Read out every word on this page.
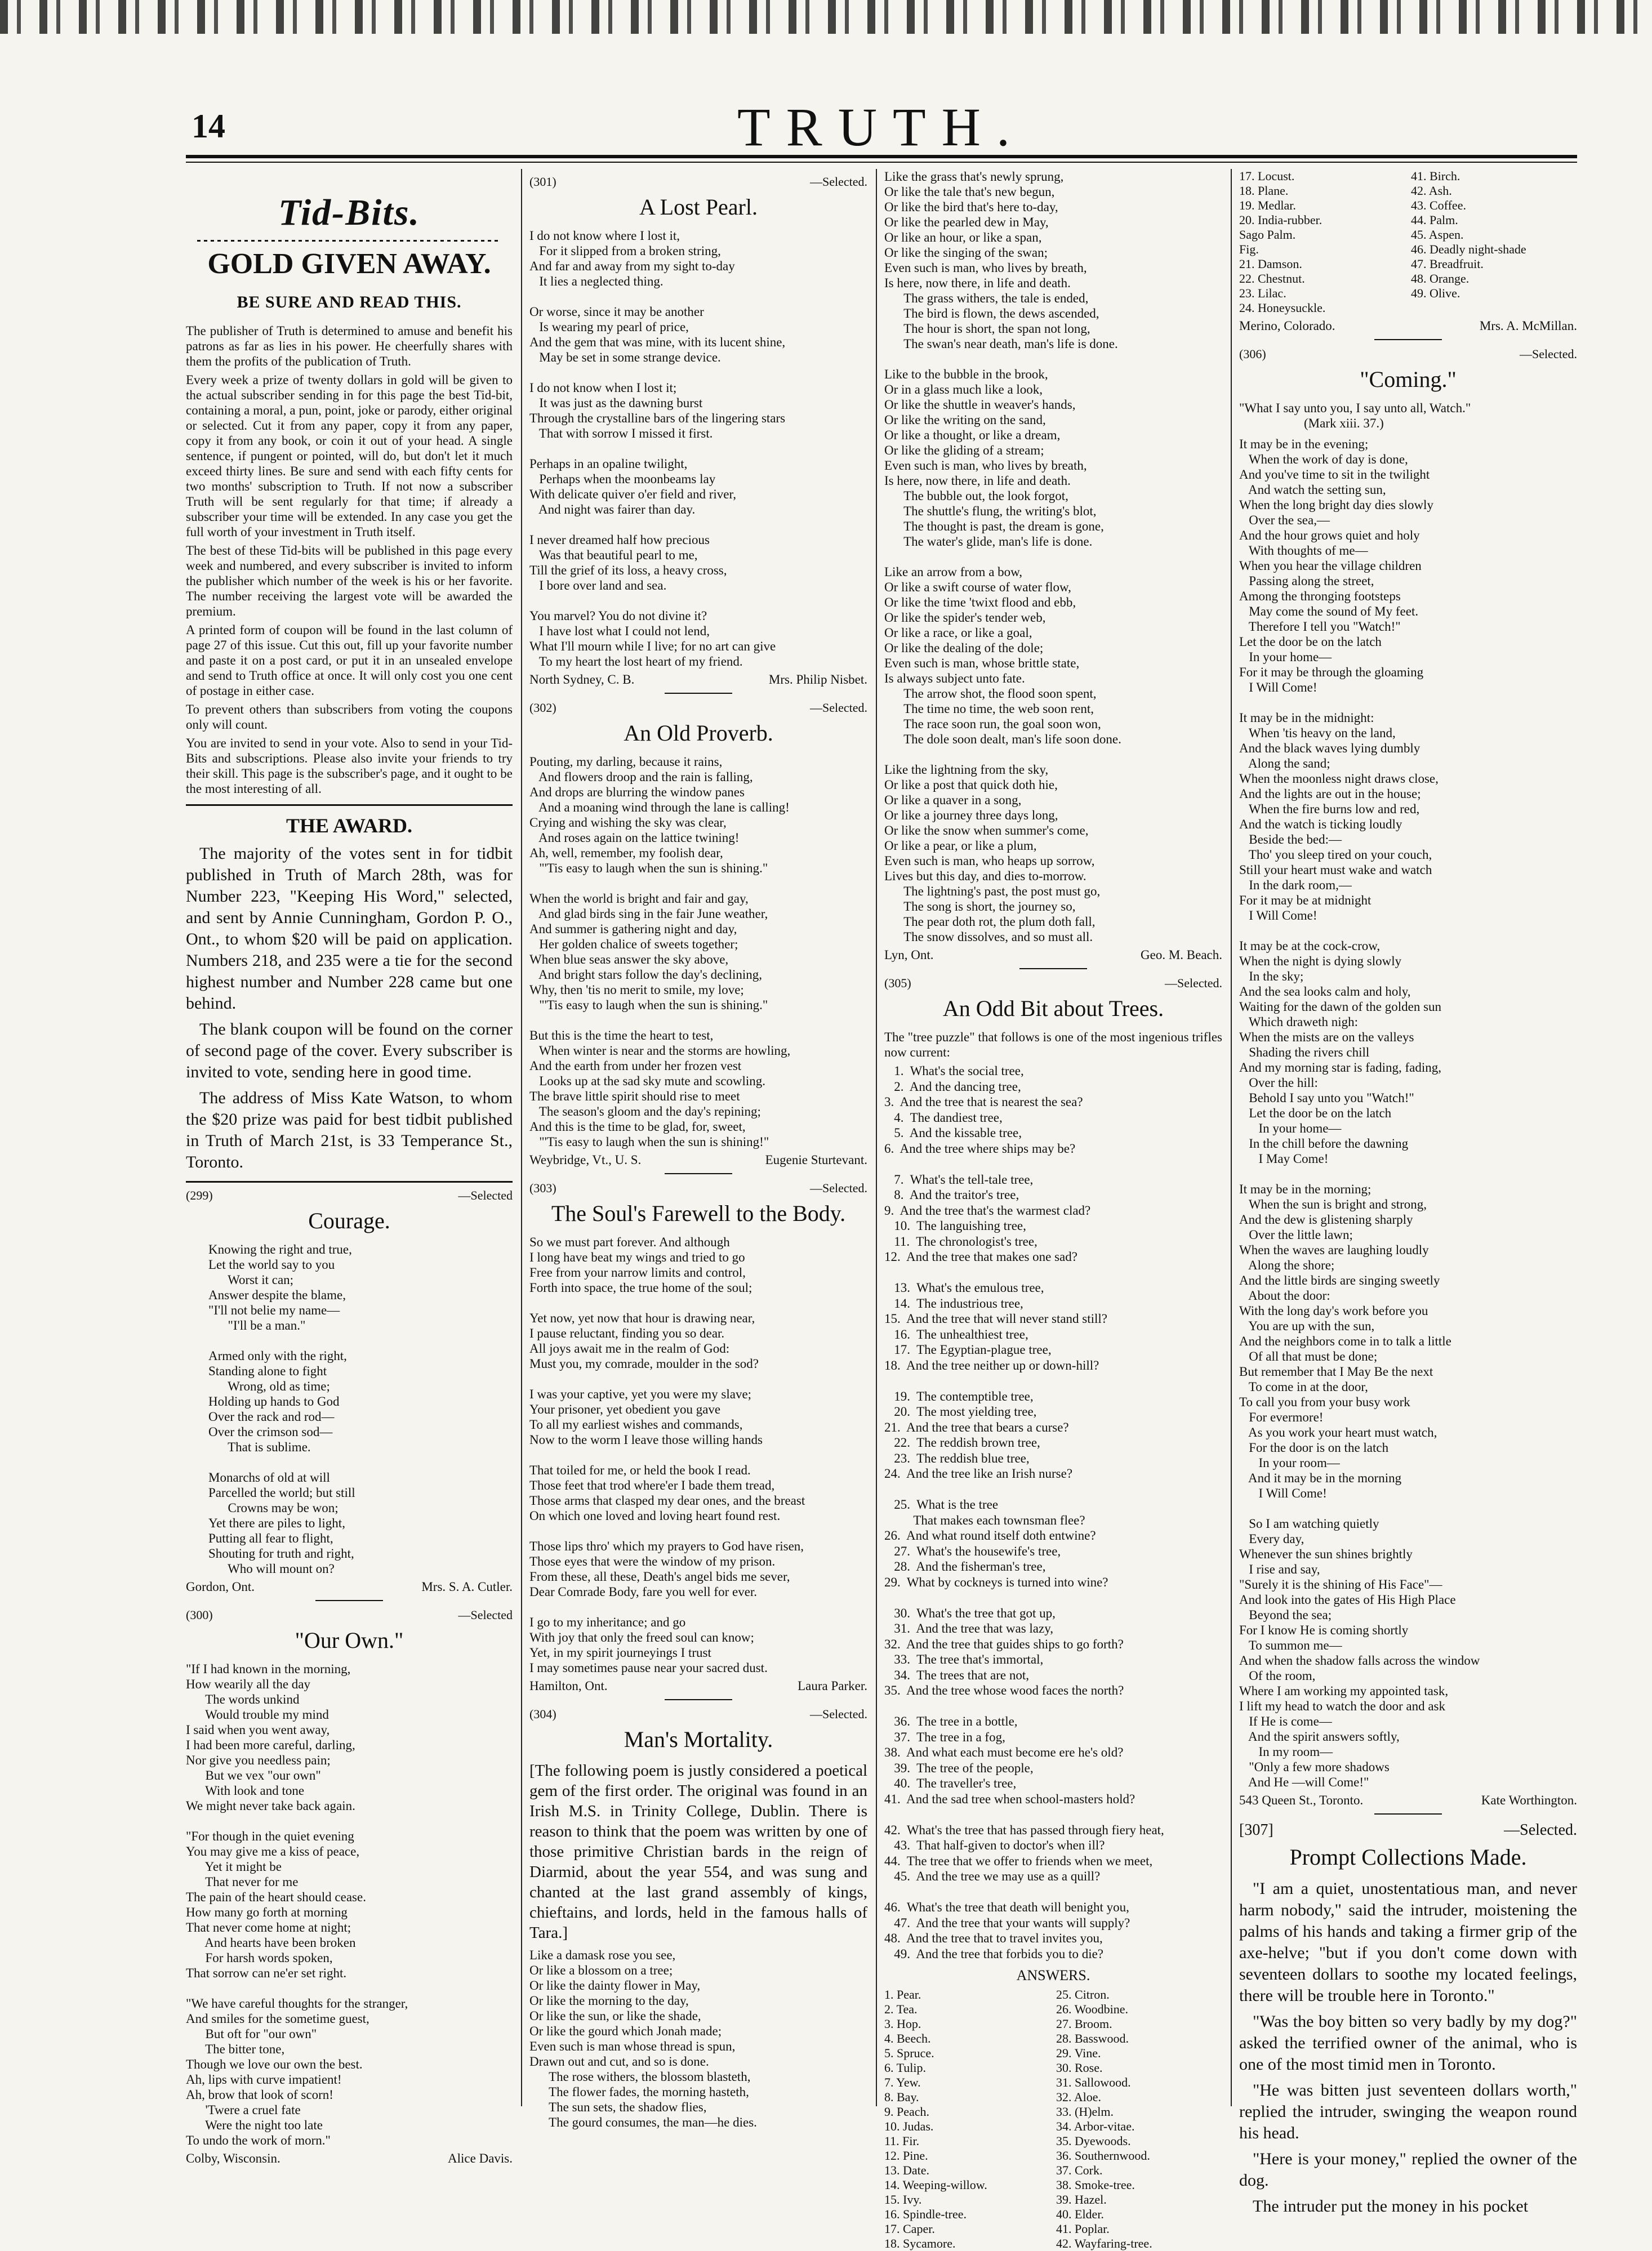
14	TRUTH.
Tid-Bits.
GOLD GIVEN AWAY.
BE SURE AND READ THIS.

The publisher of Truth is determined to amuse and benefit his patrons as far as lies in his power. He cheerfully shares with them the profits of the publication of Truth.

Every week a prize of twenty dollars in gold will be given to the actual subscriber sending in for this page the best Tid-bit, containing a moral, a pun, point, joke or parody, either original or selected. Cut it from any paper, copy it from any paper, copy it from any book, or coin it out of your head. A single sentence, if pungent or pointed, will do, but don't let it much exceed thirty lines. Be sure and send with each fifty cents for two months' subscription to Truth. If not now a subscriber Truth will be sent regularly for that time; if already a subscriber your time will be extended. In any case you get the full worth of your investment in Truth itself.

The best of these Tid-bits will be published in this page every week and numbered, and every subscriber is invited to inform the publisher which number of the week is his or her favorite. The number receiving the largest vote will be awarded the premium.

A printed form of coupon will be found in the last column of page 27 of this issue. Cut this out, fill up your favorite number and paste it on a post card, or put it in an unsealed envelope and send to Truth office at once. It will only cost you one cent of postage in either case.

To prevent others than subscribers from voting the coupons only will count.

You are invited to send in your vote. Also to send in your Tid-Bits and subscriptions. Please also invite your friends to try their skill. This page is the subscriber's page, and it ought to be the most interesting of all.

THE AWARD.

The majority of the votes sent in for tidbit published in Truth of March 28th, was for Number 223, "Keeping His Word," selected, and sent by Annie Cunningham, Gordon P. O., Ont., to whom $20 will be paid on application. Numbers 218, and 235 were a tie for the second highest number and Number 228 came but one behind.

The blank coupon will be found on the corner of second page of the cover. Every subscriber is invited to vote, sending here in good time.

The address of Miss Kate Watson, to whom the $20 prize was paid for best tidbit published in Truth of March 21st, is 33 Temperance St., Toronto.

(299)	—Selected
Courage.
Knowing the right and true,
Let the world say to you
Worst it can;
Answer despite the blame,
"I'll not belie my name—
"I'll be a man."

Armed only with the right,
Standing alone to fight
Wrong, old as time;
Holding up hands to God
Over the rack and rod—
Over the crimson sod—
That is sublime.

Monarchs of old at will
Parcelled the world; but still
Crowns may be won;
Yet there are piles to light,
Putting all fear to flight,
Shouting for truth and right,
Who will mount on?
Gordon, Ont.	Mrs. S. A. Cutler.
(300)	—Selected
"Our Own."
"If I had known in the morning,
How wearily all the day
The words unkind
Would trouble my mind
I said when you went away,
I had been more careful, darling,
Nor give you needless pain;
But we vex "our own"
With look and tone
We might never take back again.

"For though in the quiet evening
You may give me a kiss of peace,
Yet it might be
That never for me
The pain of the heart should cease.
How many go forth at morning
That never come home at night;
And hearts have been broken
For harsh words spoken,
That sorrow can ne'er set right.

"We have careful thoughts for the stranger,
And smiles for the sometime guest,
But oft for "our own"
The bitter tone,
Though we love our own the best.
Ah, lips with curve impatient!
Ah, brow that look of scorn!
'Twere a cruel fate
Were the night too late
To undo the work of morn."
Colby, Wisconsin.	Alice Davis.
(301)	—Selected.
A Lost Pearl.
I do not know where I lost it,
For it slipped from a broken string,
And far and away from my sight to-day
It lies a neglected thing.

Or worse, since it may be another
Is wearing my pearl of price,
And the gem that was mine, with its lucent shine,
May be set in some strange device.

I do not know when I lost it;
It was just as the dawning burst
Through the crystalline bars of the lingering stars
That with sorrow I missed it first.

Perhaps in an opaline twilight,
Perhaps when the moonbeams lay
With delicate quiver o'er field and river,
And night was fairer than day.

I never dreamed half how precious
Was that beautiful pearl to me,
Till the grief of its loss, a heavy cross,
I bore over land and sea.

You marvel? You do not divine it?
I have lost what I could not lend,
What I'll mourn while I live; for no art can give
To my heart the lost heart of my friend.
North Sydney, C. B.	Mrs. Philip Nisbet.
(302)	—Selected.
An Old Proverb.
Pouting, my darling, because it rains,
And flowers droop and the rain is falling,
And drops are blurring the window panes
And a moaning wind through the lane is calling!
Crying and wishing the sky was clear,
And roses again on the lattice twining!
Ah, well, remember, my foolish dear,
"'Tis easy to laugh when the sun is shining."

When the world is bright and fair and gay,
And glad birds sing in the fair June weather,
And summer is gathering night and day,
Her golden chalice of sweets together;
When blue seas answer the sky above,
And bright stars follow the day's declining,
Why, then 'tis no merit to smile, my love;
"'Tis easy to laugh when the sun is shining."

But this is the time the heart to test,
When winter is near and the storms are howling,
And the earth from under her frozen vest
Looks up at the sad sky mute and scowling.
The brave little spirit should rise to meet
The season's gloom and the day's repining;
And this is the time to be glad, for, sweet,
"'Tis easy to laugh when the sun is shining!"
Weybridge, Vt., U. S.	Eugenie Sturtevant.
(303)	—Selected.
The Soul's Farewell to the Body.
So we must part forever. And although
I long have beat my wings and tried to go
Free from your narrow limits and control,
Forth into space, the true home of the soul;

Yet now, yet now that hour is drawing near,
I pause reluctant, finding you so dear.
All joys await me in the realm of God:
Must you, my comrade, moulder in the sod?

I was your captive, yet you were my slave;
Your prisoner, yet obedient you gave
To all my earliest wishes and commands,
Now to the worm I leave those willing hands

That toiled for me, or held the book I read.
Those feet that trod where'er I bade them tread,
Those arms that clasped my dear ones, and the breast
On which one loved and loving heart found rest.

Those lips thro' which my prayers to God have risen,
Those eyes that were the window of my prison.
From these, all these, Death's angel bids me sever,
Dear Comrade Body, fare you well for ever.

I go to my inheritance; and go
With joy that only the freed soul can know;
Yet, in my spirit journeyings I trust
I may sometimes pause near your sacred dust.
Hamilton, Ont.	Laura Parker.
(304)	—Selected.
Man's Mortality.

[The following poem is justly considered a poetical gem of the first order. The original was found in an Irish M.S. in Trinity College, Dublin. There is reason to think that the poem was written by one of those primitive Christian bards in the reign of Diarmid, about the year 554, and was sung and chanted at the last grand assembly of kings, chieftains, and lords, held in the famous halls of Tara.]

Like a damask rose you see,
Or like a blossom on a tree;
Or like the dainty flower in May,
Or like the morning to the day,
Or like the sun, or like the shade,
Or like the gourd which Jonah made;
Even such is man whose thread is spun,
Drawn out and cut, and so is done.
The rose withers, the blossom blasteth,
The flower fades, the morning hasteth,
The sun sets, the shadow flies,
The gourd consumes, the man—he dies.
Like the grass that's newly sprung,
Or like the tale that's new begun,
Or like the bird that's here to-day,
Or like the pearled dew in May,
Or like an hour, or like a span,
Or like the singing of the swan;
Even such is man, who lives by breath,
Is here, now there, in life and death.
The grass withers, the tale is ended,
The bird is flown, the dews ascended,
The hour is short, the span not long,
The swan's near death, man's life is done.

Like to the bubble in the brook,
Or in a glass much like a look,
Or like the shuttle in weaver's hands,
Or like the writing on the sand,
Or like a thought, or like a dream,
Or like the gliding of a stream;
Even such is man, who lives by breath,
Is here, now there, in life and death.
The bubble out, the look forgot,
The shuttle's flung, the writing's blot,
The thought is past, the dream is gone,
The water's glide, man's life is done.

Like an arrow from a bow,
Or like a swift course of water flow,
Or like the time 'twixt flood and ebb,
Or like the spider's tender web,
Or like a race, or like a goal,
Or like the dealing of the dole;
Even such is man, whose brittle state,
Is always subject unto fate.
The arrow shot, the flood soon spent,
The time no time, the web soon rent,
The race soon run, the goal soon won,
The dole soon dealt, man's life soon done.

Like the lightning from the sky,
Or like a post that quick doth hie,
Or like a quaver in a song,
Or like a journey three days long,
Or like the snow when summer's come,
Or like a pear, or like a plum,
Even such is man, who heaps up sorrow,
Lives but this day, and dies to-morrow.
The lightning's past, the post must go,
The song is short, the journey so,
The pear doth rot, the plum doth fall,
The snow dissolves, and so must all.
Lyn, Ont.	Geo. M. Beach.
(305)	—Selected.
An Odd Bit about Trees.

The "tree puzzle" that follows is one of the most ingenious trifles now current:

1.  What's the social tree,
2.  And the dancing tree,
3.  And the tree that is nearest the sea?
4.  The dandiest tree,
5.  And the kissable tree,
6.  And the tree where ships may be?

7.  What's the tell-tale tree,
8.  And the traitor's tree,
9.  And the tree that's the warmest clad?
10.  The languishing tree,
11.  The chronologist's tree,
12.  And the tree that makes one sad?

13.  What's the emulous tree,
14.  The industrious tree,
15.  And the tree that will never stand still?
16.  The unhealthiest tree,
17.  The Egyptian-plague tree,
18.  And the tree neither up or down-hill?

19.  The contemptible tree,
20.  The most yielding tree,
21.  And the tree that bears a curse?
22.  The reddish brown tree,
23.  The reddish blue tree,
24.  And the tree like an Irish nurse?

25.  What is the tree
That makes each townsman flee?
26.  And what round itself doth entwine?
27.  What's the housewife's tree,
28.  And the fisherman's tree,
29.  What by cockneys is turned into wine?

30.  What's the tree that got up,
31.  And the tree that was lazy,
32.  And the tree that guides ships to go forth?
33.  The tree that's immortal,
34.  The trees that are not,
35.  And the tree whose wood faces the north?

36.  The tree in a bottle,
37.  The tree in a fog,
38.  And what each must become ere he's old?
39.  The tree of the people,
40.  The traveller's tree,
41.  And the sad tree when school-masters hold?

42.  What's the tree that has passed through fiery heat,
43.  That half-given to doctor's when ill?
44.  The tree that we offer to friends when we meet,
45.  And the tree we may use as a quill?

46.  What's the tree that death will benight you,
47.  And the tree that your wants will supply?
48.  And the tree that to travel invites you,
49.  And the tree that forbids you to die?
ANSWERS.
1. Pear.	25. Citron.
2. Tea.	26. Woodbine.
3. Hop.	27. Broom.
4. Beech.	28. Basswood.
5. Spruce.	29. Vine.
6. Tulip.	30. Rose.
7. Yew.	31. Sallowood.
8. Bay.	32. Aloe.
9. Peach.	33. (H)elm.
10. Judas.	34. Arbor-vitae.
11. Fir.	35. Dyewoods.
12. Pine.	36. Southernwood.
13. Date.	37. Cork.
14. Weeping-willow.	38. Smoke-tree.
15. Ivy.	39. Hazel.
16. Spindle-tree.	40. Elder.
17. Caper.	41. Poplar.
18. Sycamore.	42. Wayfaring-tree.
17. Locust.	41. Birch.
18. Plane.	42. Ash.
19. Medlar.	43. Coffee.
20. India-rubber.	44. Palm.
Sago Palm.	45. Aspen.
Fig.	46. Deadly night-shade
21. Damson.	47. Breadfruit.
22. Chestnut.	48. Orange.
23. Lilac.	49. Olive.
24. Honeysuckle.
Merino, Colorado.	Mrs. A. McMillan.
(306)	—Selected.
"Coming."
"What I say unto you, I say unto all, Watch."
(Mark xiii. 37.)
It may be in the evening;
When the work of day is done,
And you've time to sit in the twilight
And watch the setting sun,
When the long bright day dies slowly
Over the sea,—
And the hour grows quiet and holy
With thoughts of me—
When you hear the village children
Passing along the street,
Among the thronging footsteps
May come the sound of My feet.
Therefore I tell you "Watch!"
Let the door be on the latch
In your home—
For it may be through the gloaming
I Will Come!

It may be in the midnight:
When 'tis heavy on the land,
And the black waves lying dumbly
Along the sand;
When the moonless night draws close,
And the lights are out in the house;
When the fire burns low and red,
And the watch is ticking loudly
Beside the bed:—
Tho' you sleep tired on your couch,
Still your heart must wake and watch
In the dark room,—
For it may be at midnight
I Will Come!

It may be at the cock-crow,
When the night is dying slowly
In the sky;
And the sea looks calm and holy,
Waiting for the dawn of the golden sun
Which draweth nigh:
When the mists are on the valleys
Shading the rivers chill
And my morning star is fading, fading,
Over the hill:
Behold I say unto you "Watch!"
Let the door be on the latch
In your home—
In the chill before the dawning
I May Come!

It may be in the morning;
When the sun is bright and strong,
And the dew is glistening sharply
Over the little lawn;
When the waves are laughing loudly
Along the shore;
And the little birds are singing sweetly
About the door:
With the long day's work before you
You are up with the sun,
And the neighbors come in to talk a little
Of all that must be done;
But remember that I May Be the next
To come in at the door,
To call you from your busy work
For evermore!
As you work your heart must watch,
For the door is on the latch
In your room—
And it may be in the morning
I Will Come!

So I am watching quietly
Every day,
Whenever the sun shines brightly
I rise and say,
"Surely it is the shining of His Face"—
And look into the gates of His High Place
Beyond the sea;
For I know He is coming shortly
To summon me—
And when the shadow falls across the window
Of the room,
Where I am working my appointed task,
I lift my head to watch the door and ask
If He is come—
And the spirit answers softly,
In my room—
"Only a few more shadows
And He —will Come!"
543 Queen St., Toronto.	Kate Worthington.
[307]	—Selected.
Prompt Collections Made.

"I am a quiet, unostentatious man, and never harm nobody," said the intruder, moistening the palms of his hands and taking a firmer grip of the axe-helve; "but if you don't come down with seventeen dollars to soothe my located feelings, there will be trouble here in Toronto."

"Was the boy bitten so very badly by my dog?" asked the terrified owner of the animal, who is one of the most timid men in Toronto.

"He was bitten just seventeen dollars worth," replied the intruder, swinging the weapon round his head.

"Here is your money," replied the owner of the dog.

The intruder put the money in his pocket
